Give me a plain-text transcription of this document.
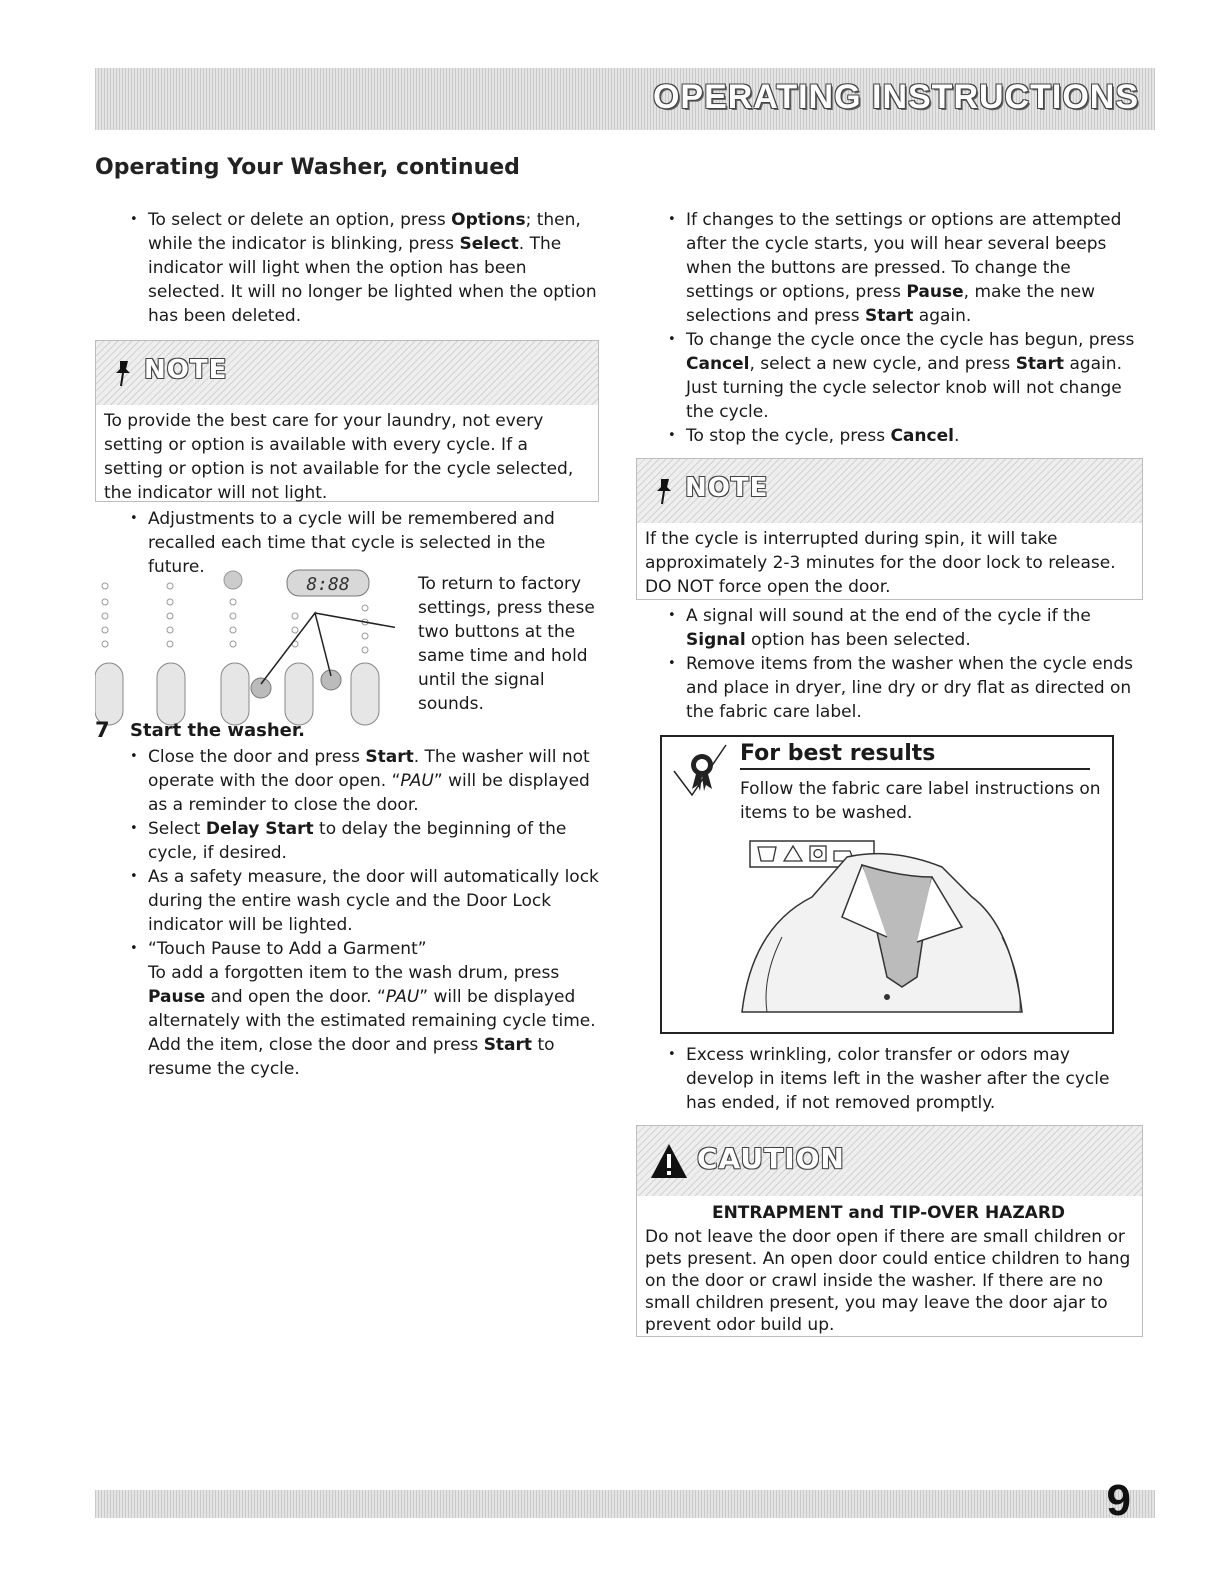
OPERATING INSTRUCTIONS
Operating Your Washer, continued
• To select or delete an option, press Options; then, while the indicator is blinking, press Select. The indicator will light when the option has been selected. It will no longer be lighted when the option has been deleted.
NOTE
To provide the best care for your laundry, not every setting or option is available with every cycle. If a setting or option is not available for the cycle selected, the indicator will not light.
• Adjustments to a cycle will be remembered and recalled each time that cycle is selected in the future.
8:88	To return to factory settings, press these two buttons at the same time and hold until the signal sounds.
7 Start the washer.
• Close the door and press Start. The washer will not operate with the door open. “PAU” will be displayed as a reminder to close the door.
• Select Delay Start to delay the beginning of the cycle, if desired.
• As a safety measure, the door will automatically lock during the entire wash cycle and the Door Lock indicator will be lighted.
• “Touch Pause to Add a Garment”
To add a forgotten item to the wash drum, press Pause and open the door. “PAU” will be displayed alternately with the estimated remaining cycle time. Add the item, close the door and press Start to resume the cycle.
• If changes to the settings or options are attempted after the cycle starts, you will hear several beeps when the buttons are pressed. To change the settings or options, press Pause, make the new selections and press Start again.
• To change the cycle once the cycle has begun, press Cancel, select a new cycle, and press Start again. Just turning the cycle selector knob will not change the cycle.
• To stop the cycle, press Cancel.
NOTE
If the cycle is interrupted during spin, it will take approximately 2-3 minutes for the door lock to release. DO NOT force open the door.
• A signal will sound at the end of the cycle if the Signal option has been selected.
• Remove items from the washer when the cycle ends and place in dryer, line dry or dry flat as directed on the fabric care label.
For best results
Follow the fabric care label instructions on items to be washed.
• Excess wrinkling, color transfer or odors may develop in items left in the washer after the cycle has ended, if not removed promptly.
CAUTION
ENTRAPMENT and TIP-OVER HAZARD
Do not leave the door open if there are small children or pets present. An open door could entice children to hang on the door or crawl inside the washer. If there are no small children present, you may leave the door ajar to prevent odor build up.
9
